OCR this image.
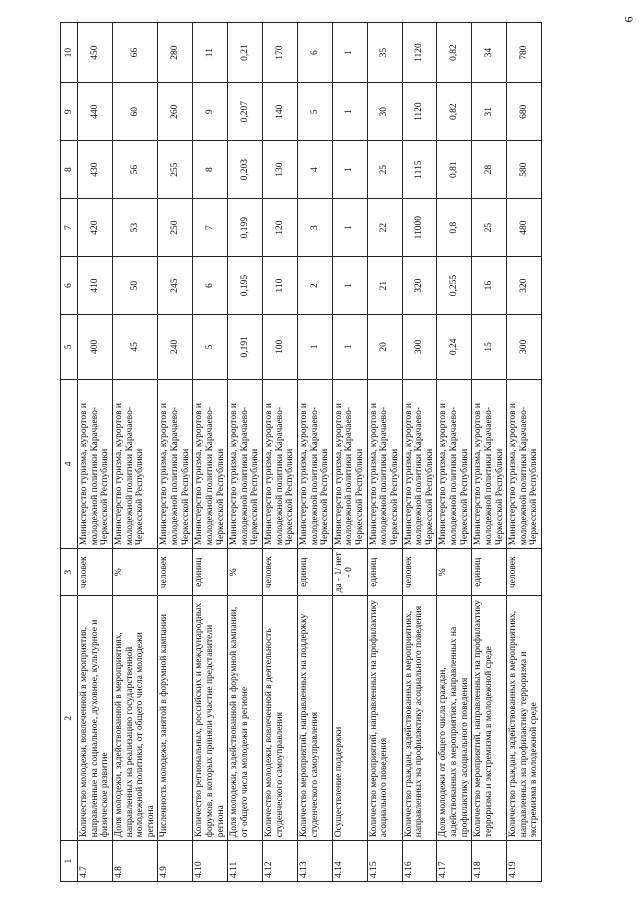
6
1	2	3	4	5	6	7	8	9	10
4.7	Количество молодежи, вовлеченной в мероприятия, направленные на социальное, духовное, культурное и физическое развитие	человек	Министерство туризма, курортов и молодежной политики Карачаево-Черкесской Республики	400	410	420	430	440	450
4.8	Доля молодежи, задействованной в мероприятиях, направленных на реализацию государственной молодежной политики, от общего числа молодежи региона	%	Министерство туризма, курортов и молодежной политики Карачаево-Черкесской Республики	45	50	53	56	60	66
4.9	Численность молодежи, занятой в форумной кампании	человек	Министерство туризма, курортов и молодежной политики Карачаево-Черкесской Республики	240	245	250	255	260	280
4.10	Количество региональных, российских и международных форумов, в которых приняли участие представители региона	единиц	Министерство туризма, курортов и молодежной политики Карачаево-Черкесской Республики	5	6	7	8	9	11
4.11	Доля молодежи, задействованной в форумной кампании, от общего числа молодежи в регионе	%	Министерство туризма, курортов и молодежной политики Карачаево-Черкесской Республики	0,191	0,195	0,199	0,203	0,207	0,21
4.12	Количество молодежи, вовлеченной в деятельность студенческого самоуправления	человек	Министерство туризма, курортов и молодежной политики Карачаево-Черкесской Республики	100	110	120	130	140	170
4.13	Количество мероприятий, направленных на поддержку студенческого самоуправления	единиц	Министерство туризма, курортов и молодежной политики Карачаево-Черкесской Республики	1	2	3	4	5	6
4.14	Осуществление поддержки	да - 1/ нет - 0	Министерство туризма, курортов и молодежной политики Карачаево-Черкесской Республики	1	1	1	1	1	1
4.15	Количество мероприятий, направленных на профилактику асоциального поведения	единиц	Министерство туризма, курортов и молодежной политики Карачаево-Черкесской Республики	20	21	22	25	30	35
4.16	Количество граждан, задействованных в мероприятиях, направленных на профилактику асоциального поведения	человек	Министерство туризма, курортов и молодежной политики Карачаево-Черкесской Республики	300	320	11000	1115	1120	1120
4.17	Доля молодежи от общего числа граждан, задействованных в мероприятиях, направленных на профилактику асоциального поведения	%	Министерство туризма, курортов и молодежной политики Карачаево-Черкесской Республики	0,24	0,255	0,8	0,81	0,82	0,82
4.18	Количество мероприятий, направленных на профилактику терроризма и экстремизма в молодежной среде	единиц	Министерство туризма, курортов и молодежной политики Карачаево-Черкесской Республики	15	16	25	28	31	34
4.19	Количество граждан, задействованных в мероприятиях, направленных на профилактику терроризма и экстремизма в молодежной среде	человек	Министерство туризма, курортов и молодежной политики Карачаево-Черкесской Республики	300	320	480	580	680	780
